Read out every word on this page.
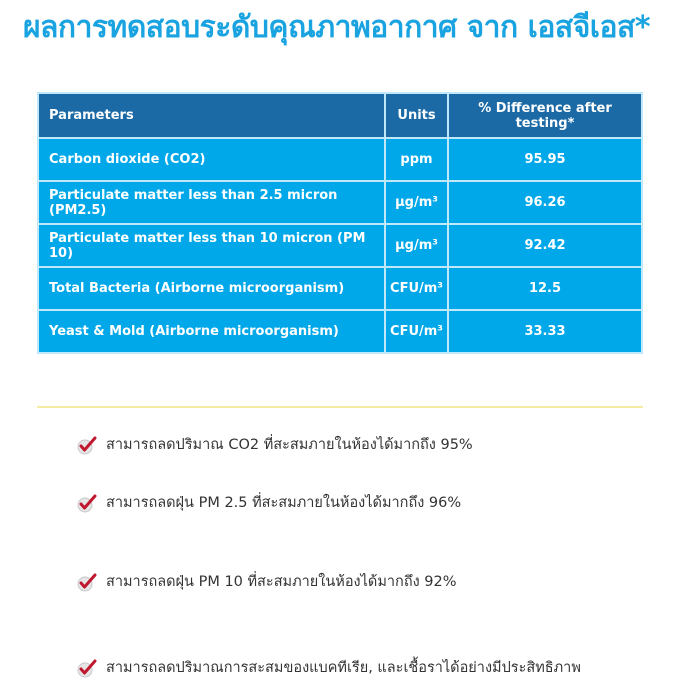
ผลการทดสอบระดับคุณภาพอากาศ จาก เอสจีเอส*
Parameters	Units	% Difference after testing*
Carbon dioxide (CO2)	ppm	95.95
Particulate matter less than 2.5 micron (PM2.5)	µg/m³	96.26
Particulate matter less than 10 micron (PM 10)	µg/m³	92.42
Total Bacteria (Airborne microorganism)	CFU/m³	12.5
Yeast & Mold (Airborne microorganism)	CFU/m³	33.33
สามารถลดปริมาณ CO2 ที่สะสมภายในห้องได้มากถึง 95%
สามารถลดฝุ่น PM 2.5 ที่สะสมภายในห้องได้มากถึง 96%
สามารถลดฝุ่น PM 10 ที่สะสมภายในห้องได้มากถึง 92%
สามารถลดปริมาณการสะสมของแบคทีเรีย, และเชื้อราได้อย่างมีประสิทธิภาพ
